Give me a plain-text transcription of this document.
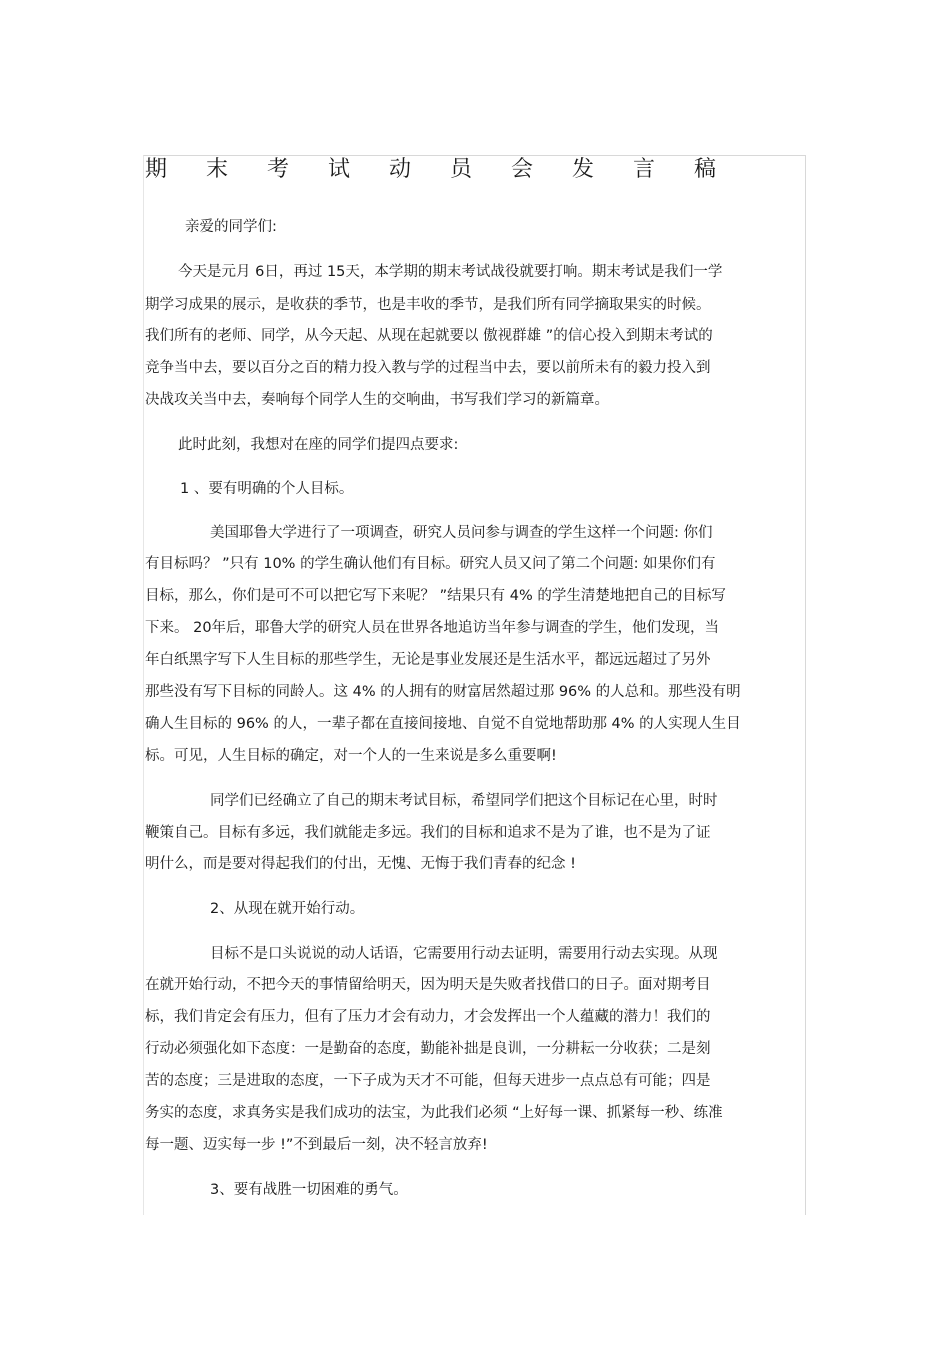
期末考试动员会发言稿

亲爱的同学们:

今天是元月 6日，再过 15天，本学期的期末考试战役就要打响。期末考试是我们一学

期学习成果的展示，是收获的季节，也是丰收的季节，是我们所有同学摘取果实的时候。

我们所有的老师、同学，从今天起、从现在起就要以 傲视群雄 ”的信心投入到期末考试的

竞争当中去，要以百分之百的精力投入教与学的过程当中去，要以前所未有的毅力投入到

决战攻关当中去，奏响每个同学人生的交响曲，书写我们学习的新篇章。

此时此刻，我想对在座的同学们提四点要求:

1 、要有明确的个人目标。

美国耶鲁大学进行了一项调查，研究人员问参与调查的学生这样一个问题: 你们

有目标吗？ ”只有 10% 的学生确认他们有目标。研究人员又问了第二个问题: 如果你们有

目标，那么，你们是可不可以把它写下来呢？ ”结果只有 4% 的学生清楚地把自己的目标写

下来。 20年后，耶鲁大学的研究人员在世界各地追访当年参与调查的学生，他们发现，当

年白纸黑字写下人生目标的那些学生，无论是事业发展还是生活水平，都远远超过了另外

那些没有写下目标的同龄人。这 4% 的人拥有的财富居然超过那 96% 的人总和。那些没有明

确人生目标的 96% 的人，一辈子都在直接间接地、自觉不自觉地帮助那 4% 的人实现人生目

标。可见，人生目标的确定，对一个人的一生来说是多么重要啊!

同学们已经确立了自己的期末考试目标，希望同学们把这个目标记在心里，时时

鞭策自己。目标有多远，我们就能走多远。我们的目标和追求不是为了谁，也不是为了证

明什么，而是要对得起我们的付出，无愧、无悔于我们青春的纪念 !

2、从现在就开始行动。

目标不是口头说说的动人话语，它需要用行动去证明，需要用行动去实现。从现

在就开始行动，不把今天的事情留给明天，因为明天是失败者找借口的日子。面对期考目

标，我们肯定会有压力，但有了压力才会有动力，才会发挥出一个人蕴藏的潜力！我们的

行动必须强化如下态度：一是勤奋的态度，勤能补拙是良训，一分耕耘一分收获；二是刻

苦的态度；三是进取的态度，一下子成为天才不可能，但每天进步一点点总有可能；四是

务实的态度，求真务实是我们成功的法宝，为此我们必须 “上好每一课、抓紧每一秒、练准

每一题、迈实每一步 !”不到最后一刻，决不轻言放弃!

3、要有战胜一切困难的勇气。
